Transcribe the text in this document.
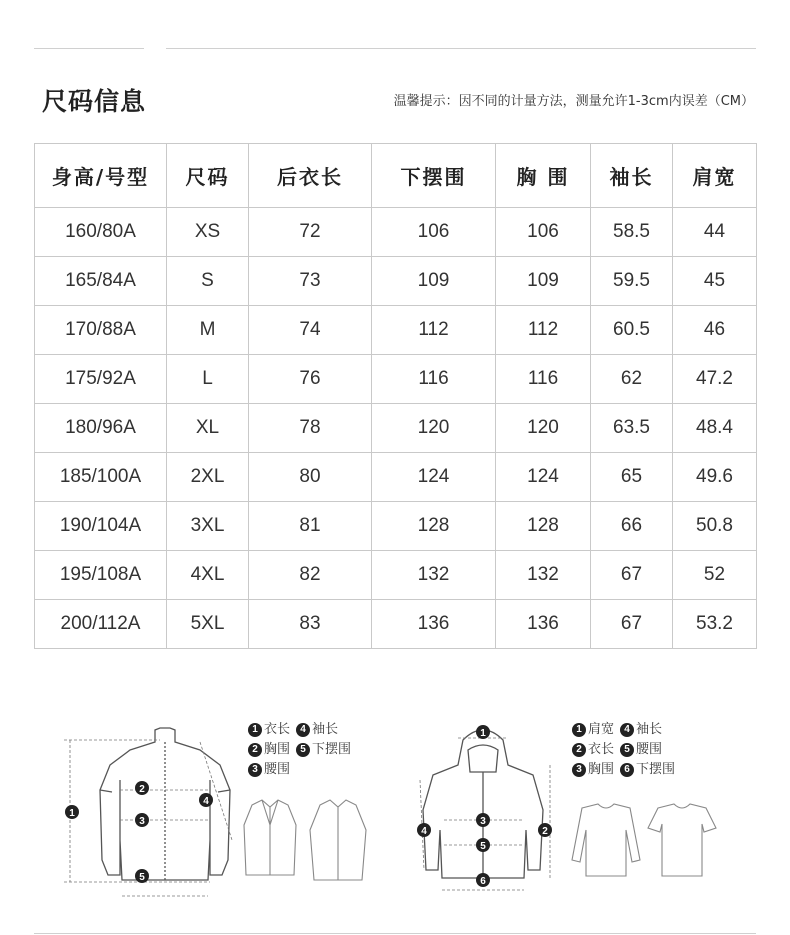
尺码信息	温馨提示：因不同的计量方法，测量允许1-3cm内误差（CM）
身高/号型	尺码	后衣长	下摆围	胸 围	袖长	肩宽
160/80A	XS	72	106	106	58.5	44
165/84A	S	73	109	109	59.5	45
170/88A	M	74	112	112	60.5	46
175/92A	L	76	116	116	62	47.2
180/96A	XL	78	120	120	63.5	48.4
185/100A	2XL	80	124	124	65	49.6
190/104A	3XL	81	128	128	66	50.8
195/108A	4XL	82	132	132	67	52
200/112A	5XL	83	136	136	67	53.2
1
2
3
4
5
1 衣长	4 袖长
2 胸围	5 下摆围
3 腰围
1
2
3
4
5
6
1 肩宽	4 袖长
2 衣长	5 腰围
3 胸围	6 下摆围
